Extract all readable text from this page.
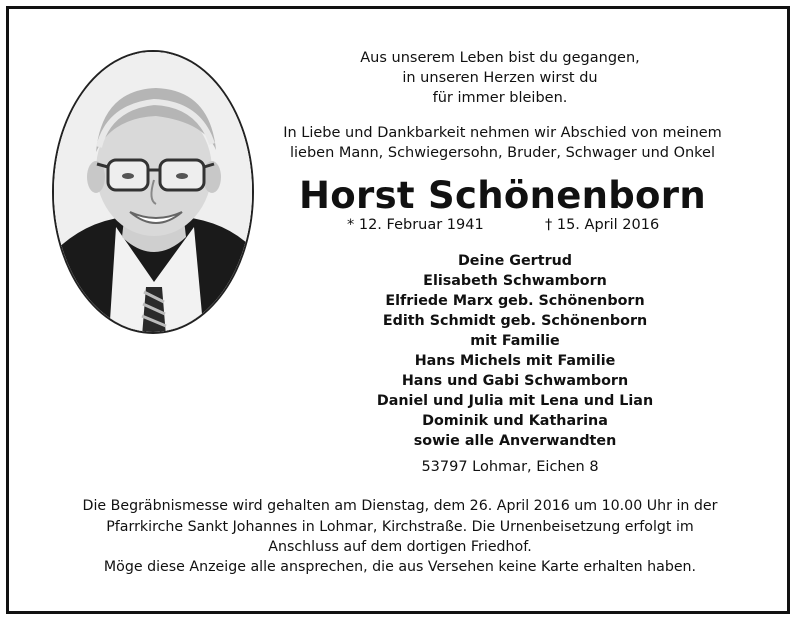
Aus unserem Leben bist du gegangen,
in unseren Herzen wirst du
für immer bleiben.
In Liebe und Dankbarkeit nehmen wir Abschied von meinem
lieben Mann, Schwiegersohn, Bruder, Schwager und Onkel
Horst Schönenborn
* 12. Februar 1941	† 15. April 2016
Deine Gertrud
Elisabeth Schwamborn
Elfriede Marx geb. Schönenborn
Edith Schmidt geb. Schönenborn
mit Familie
Hans Michels mit Familie
Hans und Gabi Schwamborn
Daniel und Julia mit Lena und Lian
Dominik und Katharina
sowie alle Anverwandten
53797 Lohmar, Eichen 8
Die Begräbnismesse wird gehalten am Dienstag, dem 26. April 2016 um 10.00 Uhr in der
Pfarrkirche Sankt Johannes in Lohmar, Kirchstraße. Die Urnenbeisetzung erfolgt im
Anschluss auf dem dortigen Friedhof.
Möge diese Anzeige alle ansprechen, die aus Versehen keine Karte erhalten haben.
